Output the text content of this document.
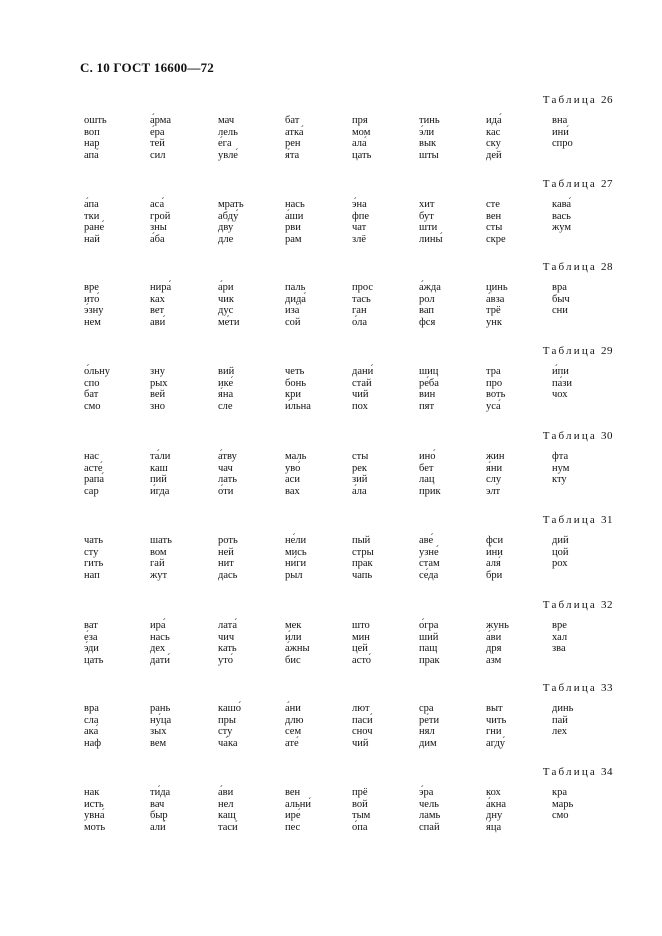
С. 10 ГОСТ 16600—72
Таблица 26
ошть
воп
нар
апа́
а́рма
е́ра
тей
сил
мач
лель
е́га
увле́
бат
атка́
рен
я́та
пря
мом
ала́
цать
тинь
э́ли
вык
шты
ида́
кас
ску
дей
вна
ини́
спро
Таблица 27
а́па
тки
ране́
най
аса́
грой
зны
а́ба
мрать
абду́
дву
дле
нась
а́ши
рви
рам
э́на
фпе
чат
злё
хит
бут
шти
лины́
сте
вен
сты
скре
кава́
вась
жум
Таблица 28
вре
ито́
э́зну
нем
нира́
ках
вет
ави́
а́ри
чик
дус
ме́ти
паль
дида́
иза́
сой
прос
тась
ган
о́ла
а́жда
рол
вап
фся
цинь
а́вза
трё
унк
вра
быч
сни
Таблица 29
о́льну
спо
бат
смо
зну
рых
вей
зно
вий
ике́
я́на
сле
четь
бонь
кри
и́льна
дани́
стай
чий
пох
шиц
ре́ба
вин
пят
тра
про
воть
уса́
и́пи
па́зи
чох
Таблица 30
нас
асте́
рапа́
сар
та́ли
каш
пий
и́гда
а́тву
чач
лать
о́ти
маль
уво́
аси
вах
сты
рек
зий
а́ла
ино́
бет
лац
прик
жин
я́ни
слу
элт
фта
нум
кту
Таблица 31
чать
сту
гить
нап
шать
вом
гай
жут
роть
ней
нит
дась
не́ли
мись
ни́ги
рыл
пый
стры
прак
чапь
аве́
узне́
стам
се́да
фси
и́ни
аля́
бри
дий
цой
рох
Таблица 32
ват
е́за
э́ди
цать
ира́
нась
дех
дати́
лата́
чич
кать
уто́
мек
и́ли
а́жны
бис
што
мин
цей
асто́
о́гра
ший
пащ
прак
жунь
а́ви
дря
азм
вре
хал
зва
Таблица 33
вра
сла
ака́
наф
рань
ну́ца
зых
вем
кашо́
пры
сту
ча́ка
а́ни
длю
сем
ате́
лют
паси́
сноч
чий
сра
ре́ти
нял
дим
выт
чить
гни
агду́
динь
пай
лех
Таблица 34
нак
исть
увна́
моть
ти́да
вач
быр
али́
а́ви
нел
кащ
таси́
вен
альни́
ире́
пес
прё
вой
тым
о́па
э́ра
чель
ламь
спай
кох
а́кна
дну
я́ца
кра
марь
смо
